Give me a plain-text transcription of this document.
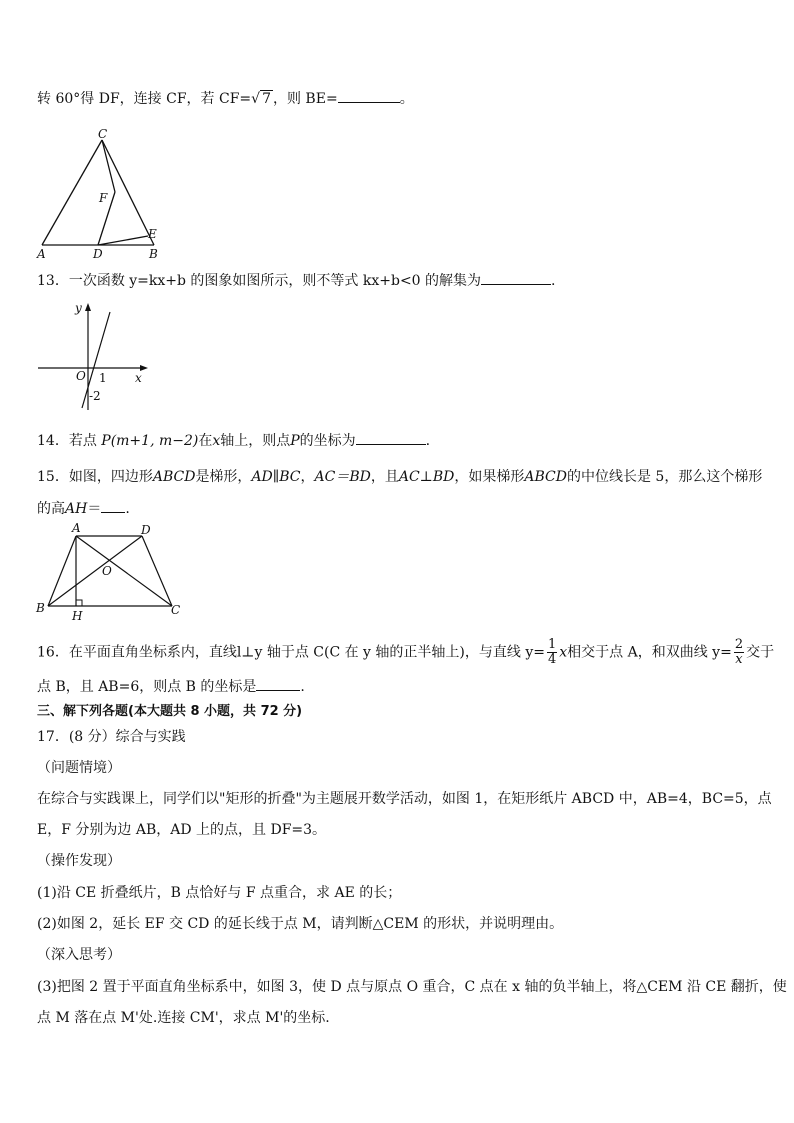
转 60°得 DF，连接 CF，若 CF=√ 7 ，则 BE=	。
C
F
A	D	B
E
13．一次函数 y=kx+b 的图象如图所示，则不等式 kx+b<0 的解集为	.
y
x
O 1
-2
14．若点 P(m+1, m−2)在x轴上，则点P的坐标为	.
15．如图，四边形ABCD是梯形，AD∥BC，AC＝BD，且AC⊥BD，如果梯形ABCD的中位线长是 5，那么这个梯形
的高AH＝ .
A	D
O
B
H	C
16．在平面直角坐标系内，直线l⊥y 轴于点 C(C 在 y 轴的正半轴上)，与直线 $y= \frac{1}{4}$ x相交于点 A，和双曲线 $y= \frac{2}{x}$ 交于
点 B，且 AB=6，则点 B 的坐标是	.
三、解下列各题(本大题共 8 小题，共 72 分)
17．(8 分）综合与实践
（问题情境）
在综合与实践课上，同学们以"矩形的折叠"为主题展开数学活动，如图 1，在矩形纸片 ABCD 中，AB=4，BC=5，点
E，F 分别为边 AB，AD 上的点，且 DF=3。
（操作发现）
(1)沿 CE 折叠纸片，B 点恰好与 F 点重合，求 AE 的长；
(2)如图 2，延长 EF 交 CD 的延长线于点 M，请判断△CEM 的形状，并说明理由。
（深入思考）
(3)把图 2 置于平面直角坐标系中，如图 3，使 D 点与原点 O 重合，C 点在 x 轴的负半轴上，将△CEM 沿 CE 翻折，使
点 M 落在点 M'处.连接 CM'，求点 M'的坐标.
